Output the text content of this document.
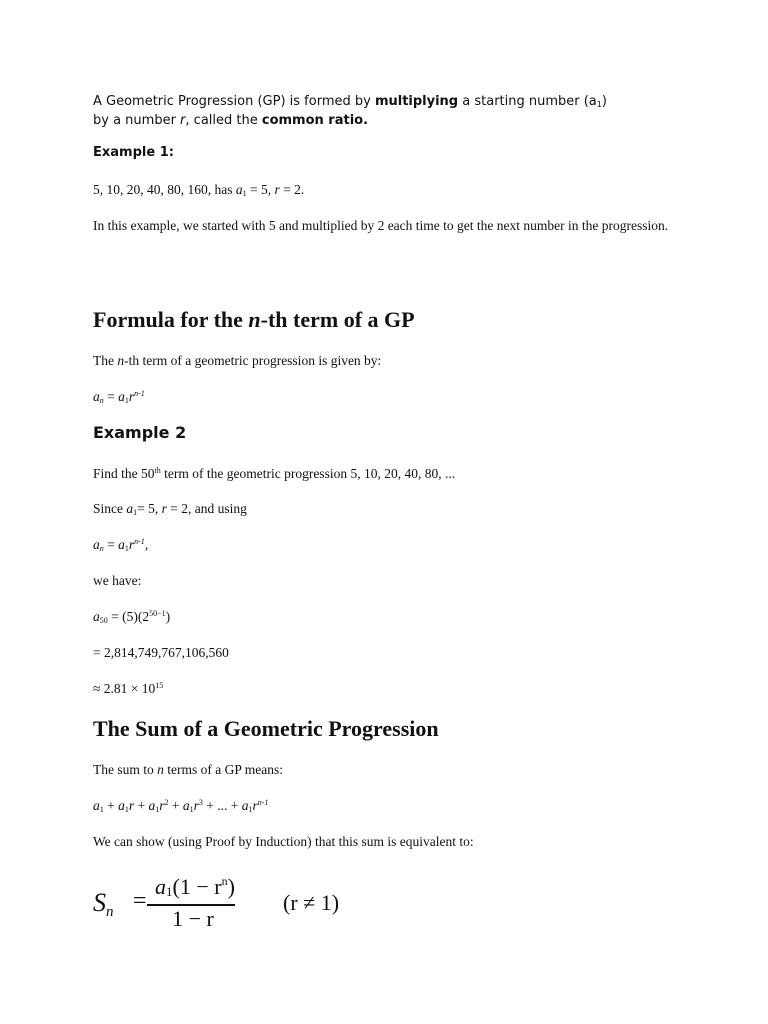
A Geometric Progression (GP) is formed by multiplying a starting number $(a_1)$

by a number r, called the common ratio.

Example 1:

5, 10, 20, 40, 80, 160, has $a_1 = 5$, r = 2.

In this example, we started with 5 and multiplied by 2 each time to get the next number in the progression.

Formula for the n-th term of a GP

The n-th term of a geometric progression is given by:

$a_n = a_1r^{n-1}$

Example 2

Find the 50th term of the geometric progression 5, 10, 20, 40, 80, ...

Since $a_1= 5$, r = 2, and using

$a_n = a_1r^{n-1}$,

we have:

$a_{50} = (5)(2^{50-1})$

= 2,814,749,767,106,560

≈ $2.81 \times 10^{15}$

The Sum of a Geometric Progression

The sum to n terms of a GP means:

$a_1 + a_1r + a_1r^2 + a_1r^3$ + ... + $a_1r^{n-1}$

We can show (using Proof by Induction) that this sum is equivalent to:

$S_n$ =
$a_1(1 - r^n)$
1 − r
(r ≠ 1)
